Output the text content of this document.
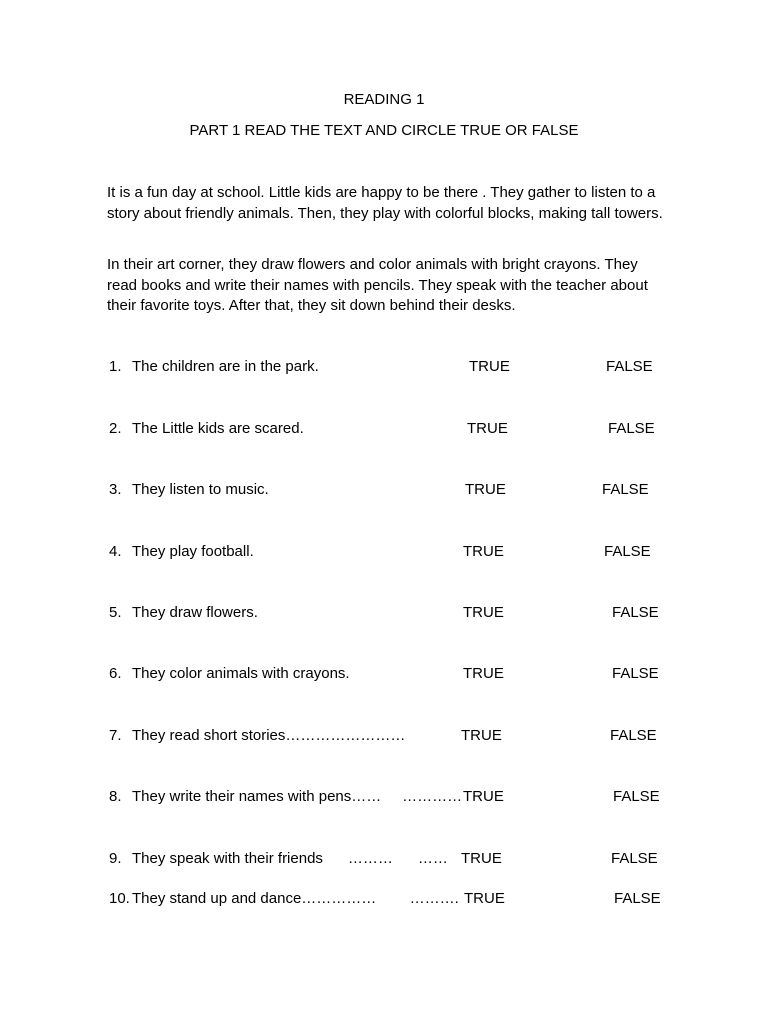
READING 1
PART 1 READ THE TEXT AND CIRCLE TRUE OR FALSE

It is a fun day at school. Little kids are happy to be there . They gather to listen to a story about friendly animals. Then, they play with colorful blocks, making tall towers.

In their art corner, they draw flowers and color animals with bright crayons. They read books and write their names with pencils. They speak with the teacher about their favorite toys. After that, they sit down behind their desks.

1. The children are in the park.	TRUE	FALSE
2. The Little kids are scared.	TRUE	FALSE
3. They listen to music.	TRUE	FALSE
4. They play football.	TRUE	FALSE
5. They draw flowers.	TRUE	FALSE
6. They color animals with crayons.	TRUE	FALSE
7. They read short stories……………………	TRUE	FALSE
8. They write their names with pens……     ………… TRUE	FALSE
9. They speak with their friends      ………      …… TRUE	FALSE
10. They stand up and dance……………        ………. TRUE	FALSE
